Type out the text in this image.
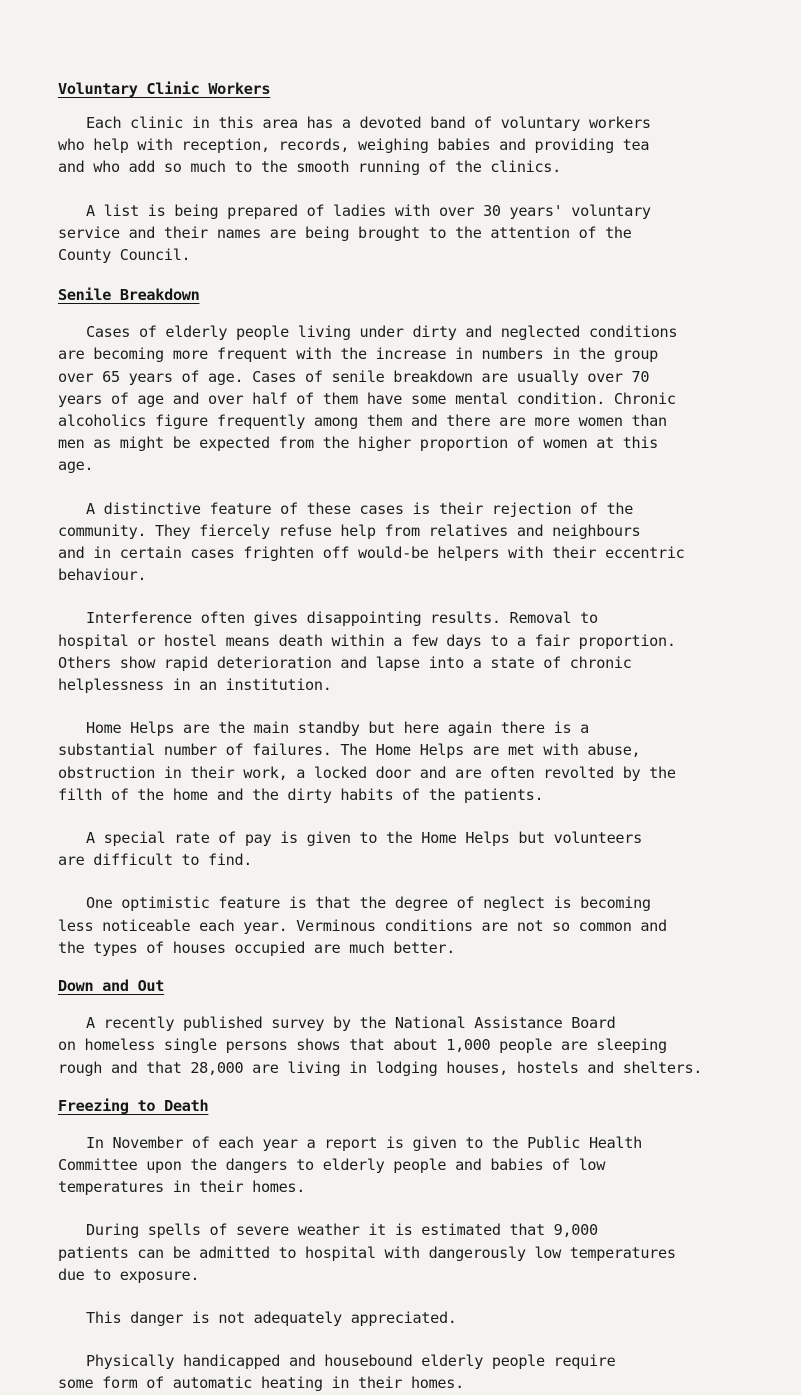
Voluntary Clinic Workers

Each clinic in this area has a devoted band of voluntary workers
who help with reception, records, weighing babies and providing tea
and who add so much to the smooth running of the clinics.

A list is being prepared of ladies with over 30 years' voluntary
service and their names are being brought to the attention of the
County Council.

Senile Breakdown

Cases of elderly people living under dirty and neglected conditions
are becoming more frequent with the increase in numbers in the group
over 65 years of age. Cases of senile breakdown are usually over 70
years of age and over half of them have some mental condition. Chronic
alcoholics figure frequently among them and there are more women than
men as might be expected from the higher proportion of women at this
age.

A distinctive feature of these cases is their rejection of the
community. They fiercely refuse help from relatives and neighbours
and in certain cases frighten off would-be helpers with their eccentric
behaviour.

Interference often gives disappointing results. Removal to
hospital or hostel means death within a few days to a fair proportion.
Others show rapid deterioration and lapse into a state of chronic
helplessness in an institution.

Home Helps are the main standby but here again there is a
substantial number of failures. The Home Helps are met with abuse,
obstruction in their work, a locked door and are often revolted by the
filth of the home and the dirty habits of the patients.

A special rate of pay is given to the Home Helps but volunteers
are difficult to find.

One optimistic feature is that the degree of neglect is becoming
less noticeable each year. Verminous conditions are not so common and
the types of houses occupied are much better.

Down and Out

A recently published survey by the National Assistance Board
on homeless single persons shows that about 1,000 people are sleeping
rough and that 28,000 are living in lodging houses, hostels and shelters.

Freezing to Death

In November of each year a report is given to the Public Health
Committee upon the dangers to elderly people and babies of low
temperatures in their homes.

During spells of severe weather it is estimated that 9,000
patients can be admitted to hospital with dangerously low temperatures
due to exposure.

This danger is not adequately appreciated.

Physically handicapped and housebound elderly people require
some form of automatic heating in their homes.
